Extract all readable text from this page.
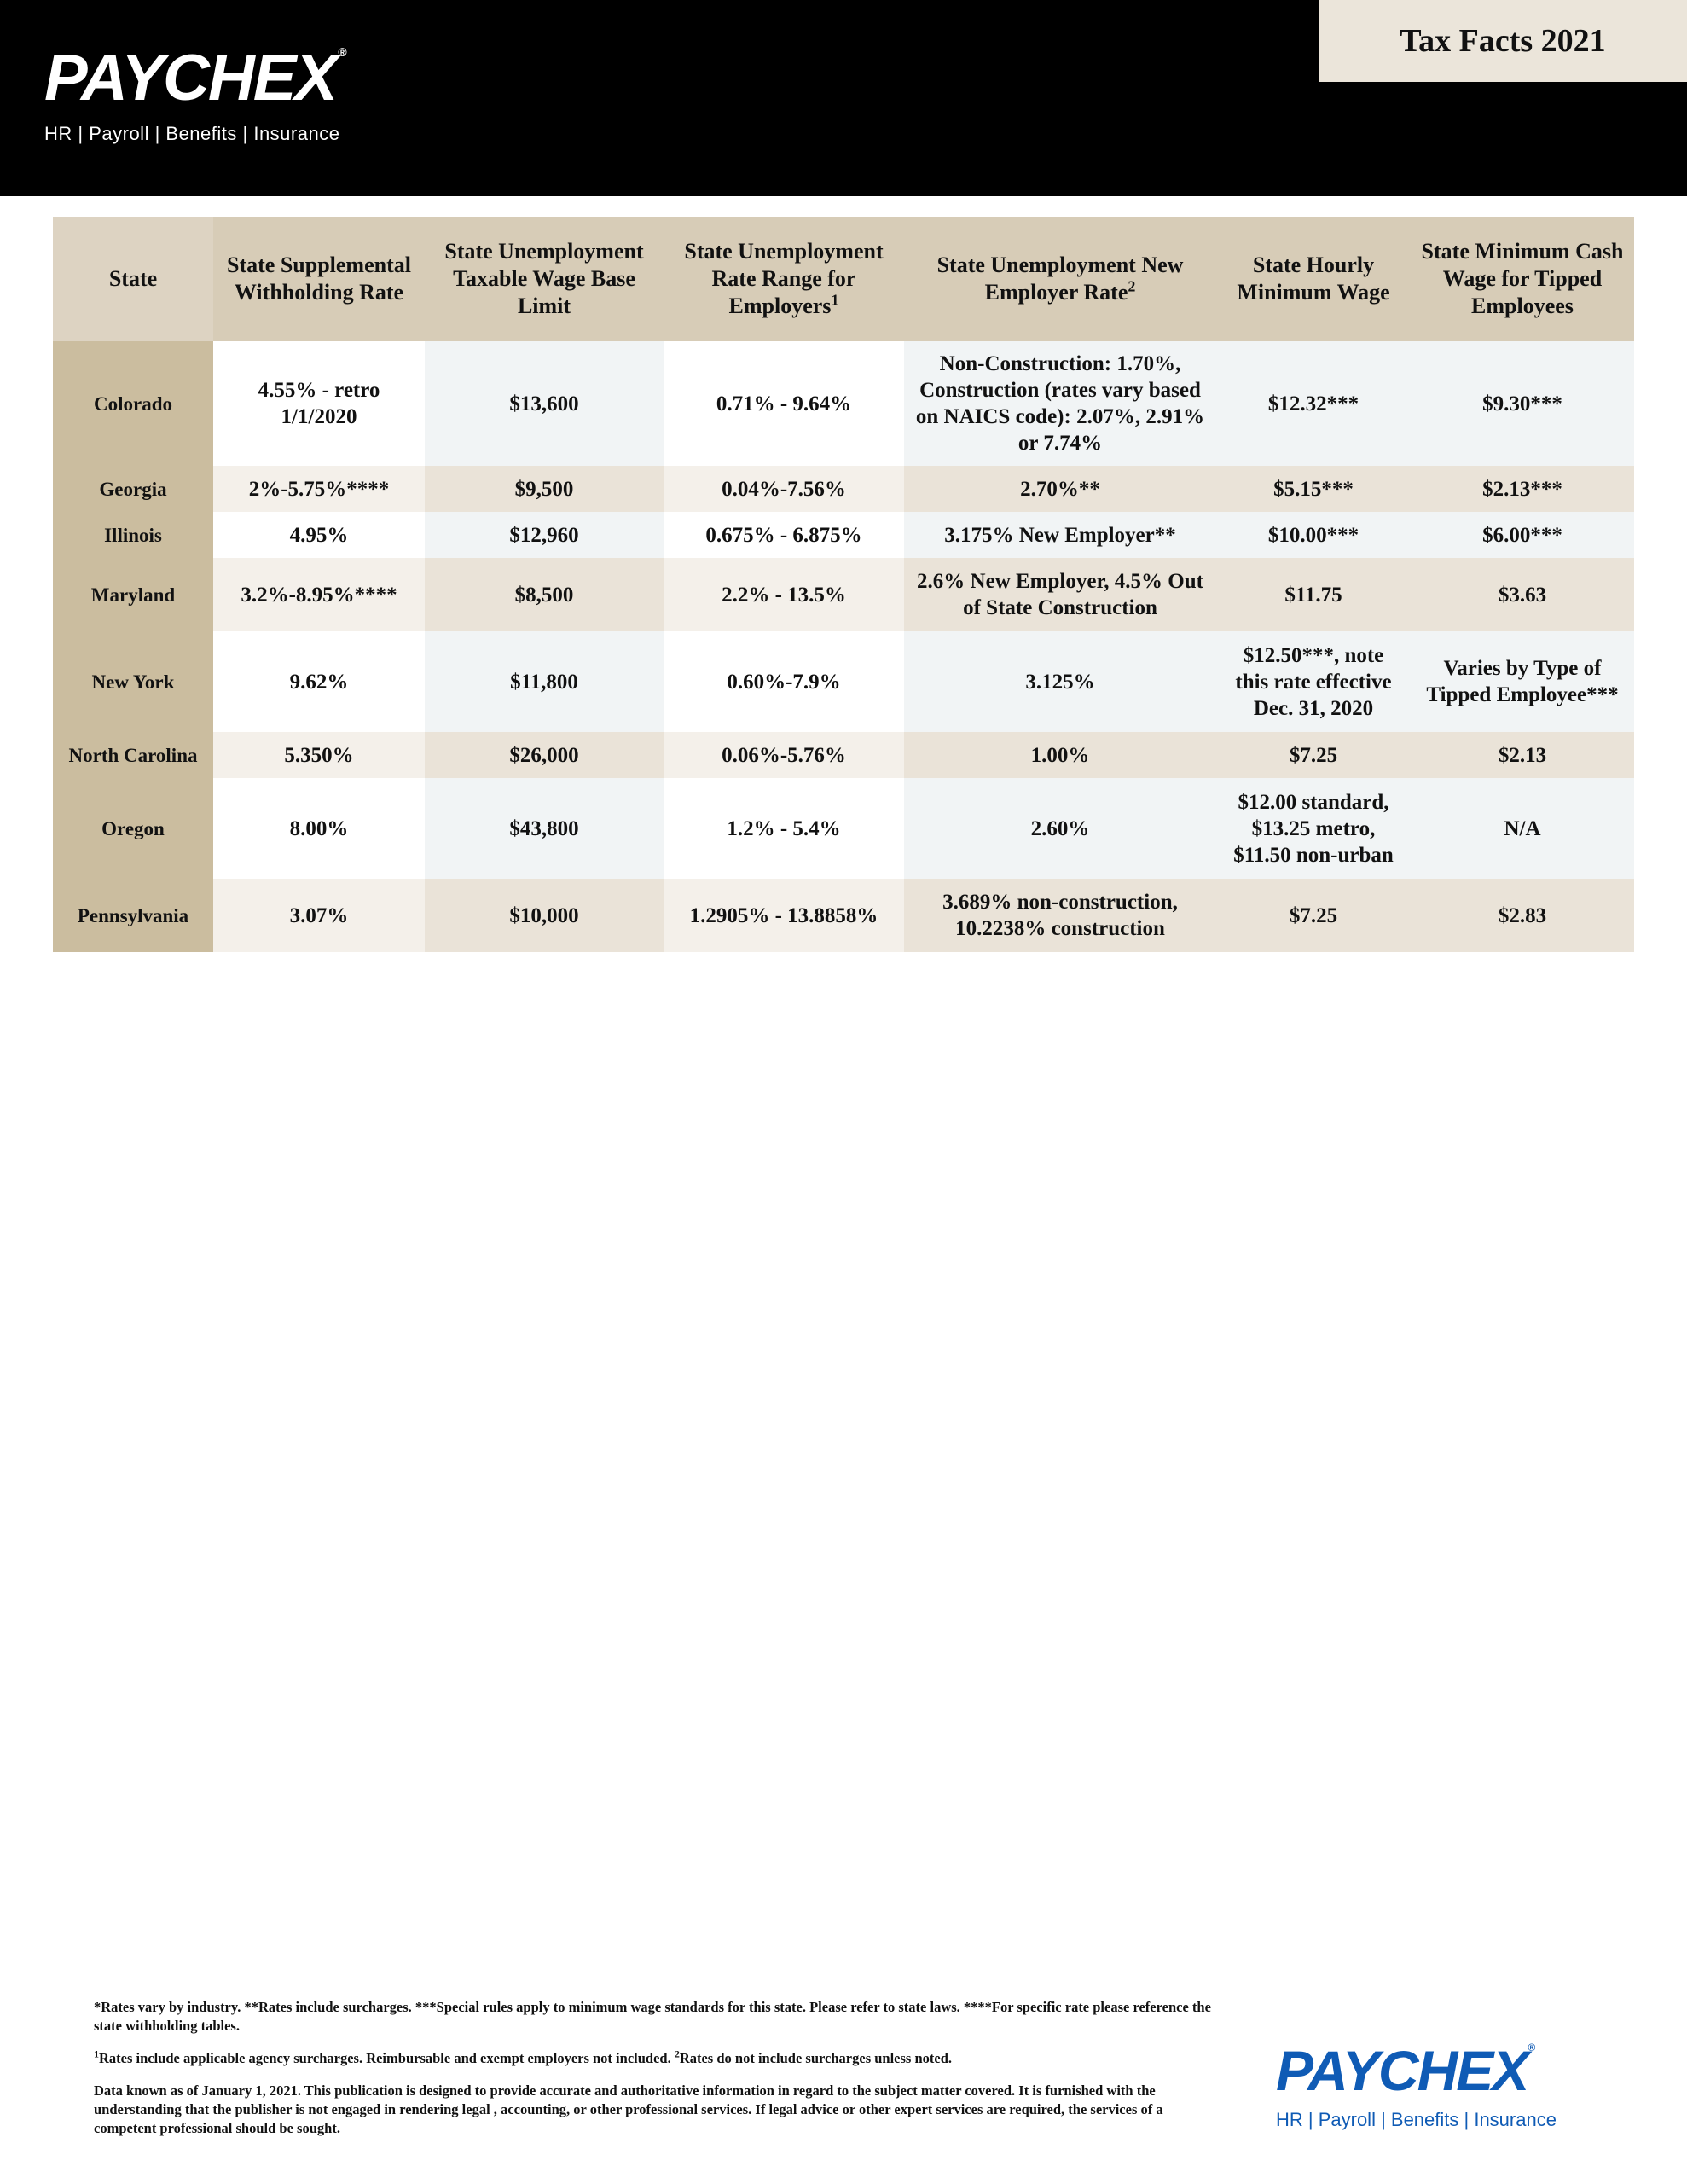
PAYCHEX ®
HR | Payroll | Benefits | Insurance
Tax Facts 2021
State	State Supplemental Withholding Rate	State Unemployment Taxable Wage Base Limit	State Unemployment Rate Range for Employers$^1$	State Unemployment New Employer Rate$^2$	State Hourly Minimum Wage	State Minimum Cash Wage for Tipped Employees
Colorado	4.55% - retro 1/1/2020	$13,600	0.71% - 9.64%	Non-Construction: 1.70%, Construction (rates vary based on NAICS code): 2.07%, 2.91% or 7.74%	$12.32***	$9.30***
Georgia	2%-5.75%****	$9,500	0.04%-7.56%	2.70%**	$5.15***	$2.13***
Illinois	4.95%	$12,960	0.675% - 6.875%	3.175% New Employer**	$10.00***	$6.00***
Maryland	3.2%-8.95%****	$8,500	2.2% - 13.5%	2.6% New Employer, 4.5% Out of State Construction	$11.75	$3.63
New York	9.62%	$11,800	0.60%-7.9%	3.125%	$12.50***, note this rate effective Dec. 31, 2020	Varies by Type of Tipped Employee***
North Carolina	5.350%	$26,000	0.06%-5.76%	1.00%	$7.25	$2.13
Oregon	8.00%	$43,800	1.2% - 5.4%	2.60%	$12.00 standard, $13.25 metro, $11.50 non-urban	N/A
Pennsylvania	3.07%	$10,000	1.2905% - 13.8858%	3.689% non-construction, 10.2238% construction	$7.25	$2.83

*Rates vary by industry. **Rates include surcharges. ***Special rules apply to minimum wage standards for this state. Please refer to state laws. ****For specific rate please reference the state withholding tables.

$^1$Rates include applicable agency surcharges. Reimbursable and exempt employers not included. $^2$Rates do not include surcharges unless noted.

Data known as of January 1, 2021. This publication is designed to provide accurate and authoritative information in regard to the subject matter covered. It is furnished with the understanding that the publisher is not engaged in rendering legal , accounting, or other professional services. If legal advice or other expert services are required, the services of a competent professional should be sought.

PAYCHEX®
HR | Payroll | Benefits | Insurance
